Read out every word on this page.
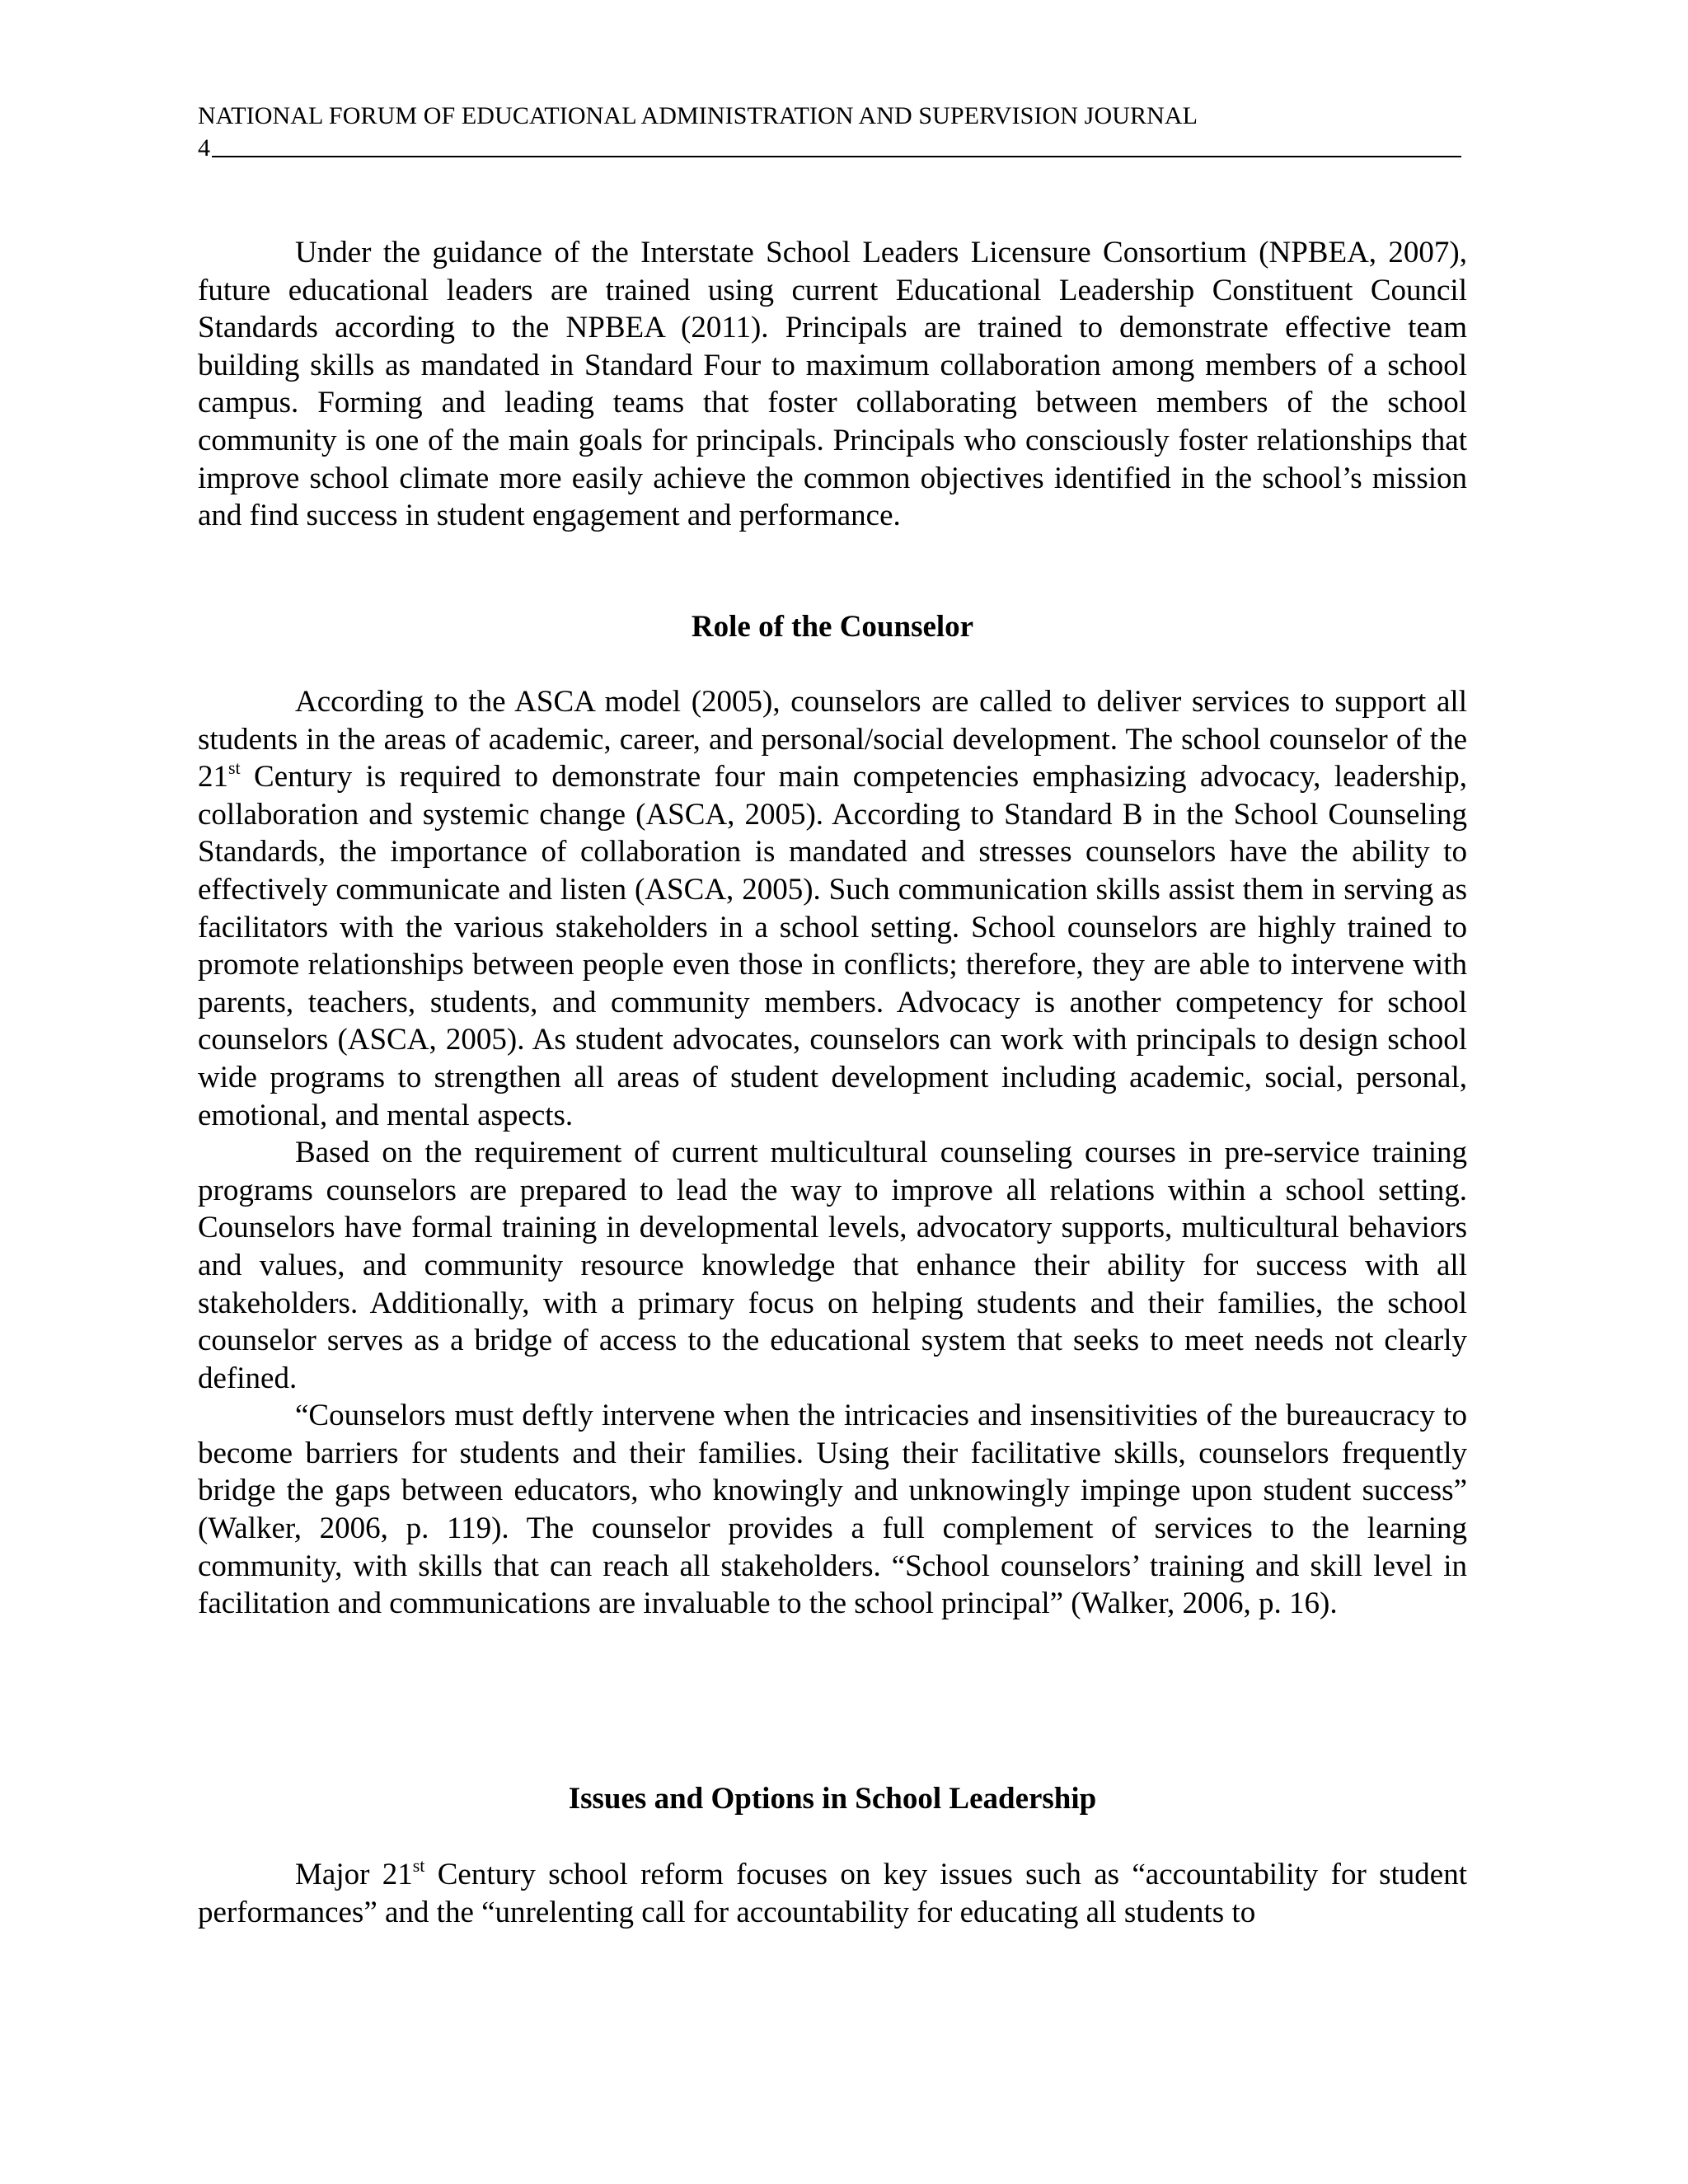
NATIONAL FORUM OF EDUCATIONAL ADMINISTRATION AND SUPERVISION JOURNAL
4

Under the guidance of the Interstate School Leaders Licensure Consortium (NPBEA, 2007), future educational leaders are trained using current Educational Leadership Constituent Council Standards according to the NPBEA (2011). Principals are trained to demonstrate effective team building skills as mandated in Standard Four to maximum collaboration among members of a school campus. Forming and leading teams that foster collaborating between members of the school community is one of the main goals for principals. Principals who consciously foster relationships that improve school climate more easily achieve the common objectives identified in the school’s mission and find success in student engagement and performance.

Role of the Counselor

According to the ASCA model (2005), counselors are called to deliver services to support all students in the areas of academic, career, and personal/social development. The school counselor of the 21st Century is required to demonstrate four main competencies emphasizing advocacy, leadership, collaboration and systemic change (ASCA, 2005). According to Standard B in the School Counseling Standards, the importance of collaboration is mandated and stresses counselors have the ability to effectively communicate and listen (ASCA, 2005). Such communication skills assist them in serving as facilitators with the various stakeholders in a school setting. School counselors are highly trained to promote relationships between people even those in conflicts; therefore, they are able to intervene with parents, teachers, students, and community members. Advocacy is another competency for school counselors (ASCA, 2005). As student advocates, counselors can work with principals to design school wide programs to strengthen all areas of student development including academic, social, personal, emotional, and mental aspects.

Based on the requirement of current multicultural counseling courses in pre-service training programs counselors are prepared to lead the way to improve all relations within a school setting. Counselors have formal training in developmental levels, advocatory supports, multicultural behaviors and values, and community resource knowledge that enhance their ability for success with all stakeholders. Additionally, with a primary focus on helping students and their families, the school counselor serves as a bridge of access to the educational system that seeks to meet needs not clearly defined.

“Counselors must deftly intervene when the intricacies and insensitivities of the bureaucracy to become barriers for students and their families. Using their facilitative skills, counselors frequently bridge the gaps between educators, who knowingly and unknowingly impinge upon student success” (Walker, 2006, p. 119). The counselor provides a full complement of services to the learning community, with skills that can reach all stakeholders. “School counselors’ training and skill level in facilitation and communications are invaluable to the school principal” (Walker, 2006, p. 16).

Issues and Options in School Leadership

Major 21st Century school reform focuses on key issues such as “accountability for student performances” and the “unrelenting call for accountability for educating all students to
